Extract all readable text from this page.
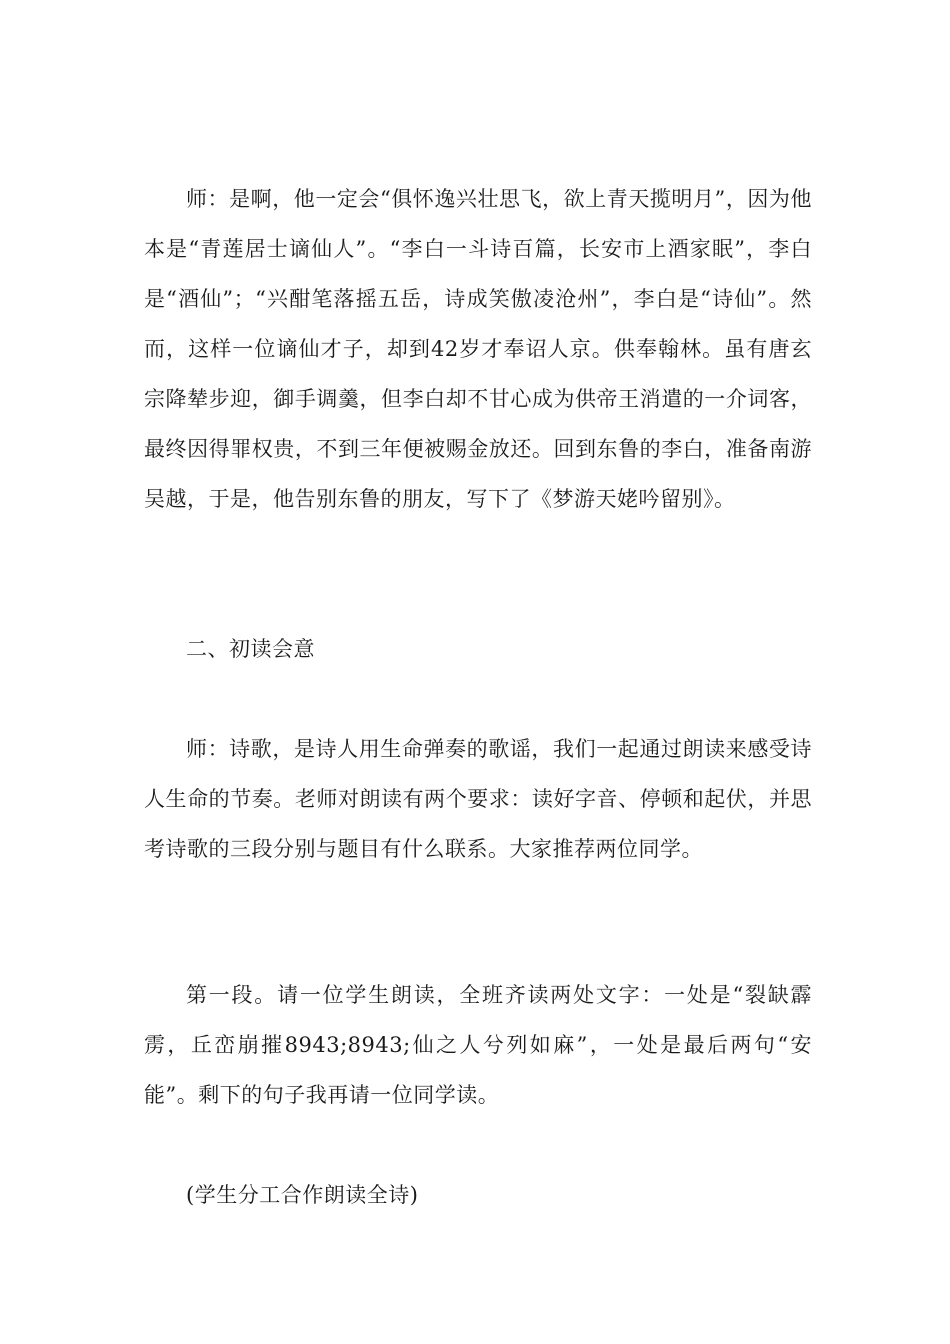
师：是啊，他一定会“俱怀逸兴壮思飞，欲上青天揽明月”，因为他本是“青莲居士谪仙人”。“李白一斗诗百篇，长安市上酒家眠”，李白是“酒仙”；“兴酣笔落摇五岳，诗成笑傲凌沧州”，李白是“诗仙”。然而，这样一位谪仙才子，却到42岁才奉诏人京。供奉翰林。虽有唐玄宗降辇步迎，御手调羹，但李白却不甘心成为供帝王消遣的一介词客，最终因得罪权贵，不到三年便被赐金放还。回到东鲁的李白，准备南游吴越，于是，他告别东鲁的朋友，写下了《梦游天姥吟留别》。

二、初读会意

师：诗歌，是诗人用生命弹奏的歌谣，我们一起通过朗读来感受诗人生命的节奏。老师对朗读有两个要求：读好字音、停顿和起伏，并思考诗歌的三段分别与题目有什么联系。大家推荐两位同学。

第一段。请一位学生朗读，全班齐读两处文字：一处是“裂缺霹雳，丘峦崩摧8943;8943;仙之人兮列如麻”，一处是最后两句“安能”。剩下的句子我再请一位同学读。

(学生分工合作朗读全诗)
